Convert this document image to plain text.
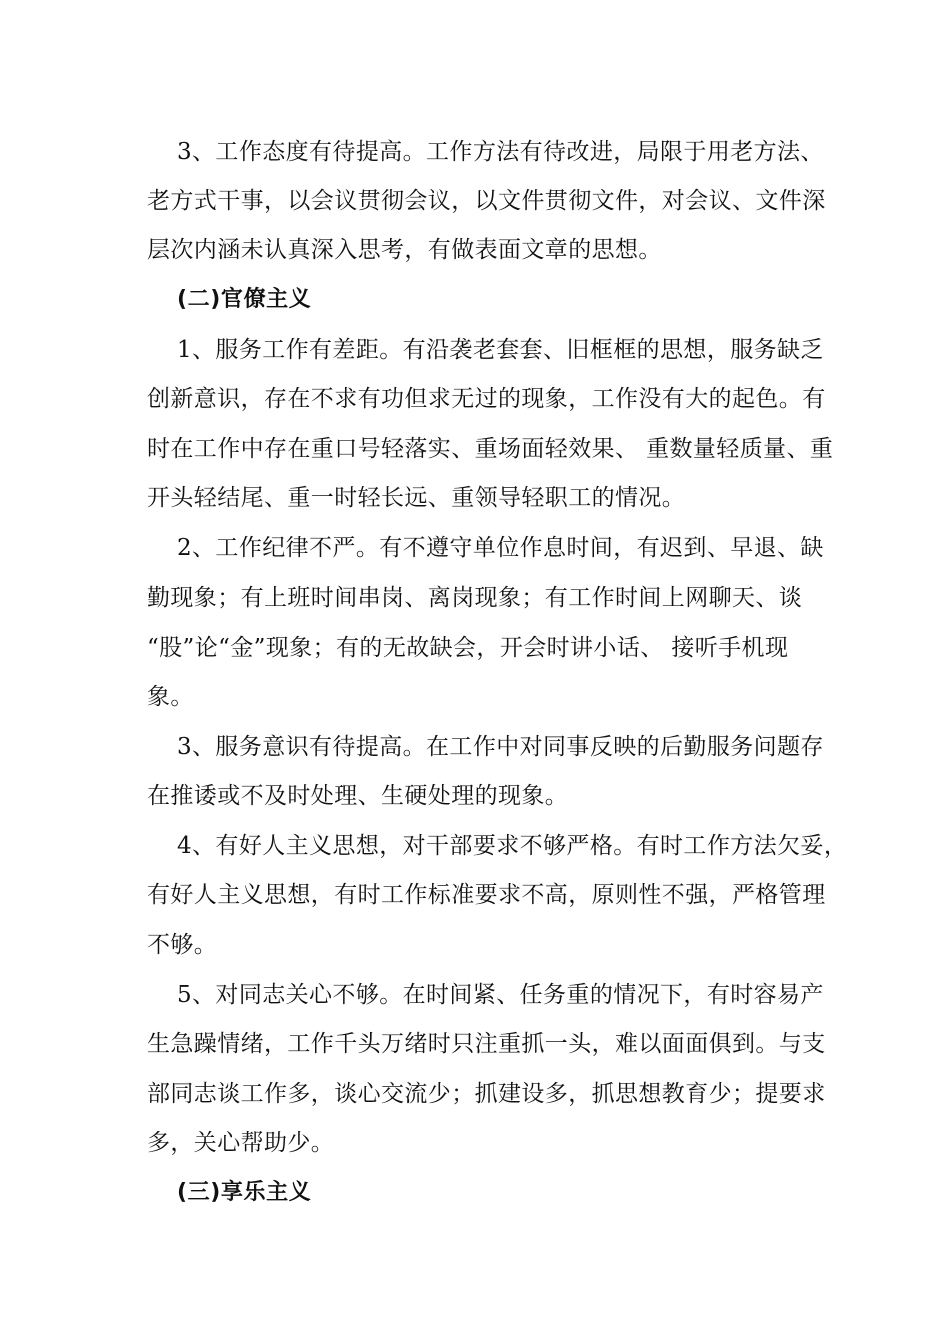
3、工作态度有待提高。工作方法有待改进，局限于用老方法、
老方式干事，以会议贯彻会议，以文件贯彻文件，对会议、文件深
层次内涵未认真深入思考，有做表面文章的思想。
(二)官僚主义
1、服务工作有差距。有沿袭老套套、旧框框的思想，服务缺乏
创新意识，存在不求有功但求无过的现象，工作没有大的起色。有
时在工作中存在重口号轻落实、重场面轻效果、 重数量轻质量、重
开头轻结尾、重一时轻长远、重领导轻职工的情况。
2、工作纪律不严。有不遵守单位作息时间，有迟到、早退、缺
勤现象；有上班时间串岗、离岗现象；有工作时间上网聊天、谈
“股”论“金”现象；有的无故缺会，开会时讲小话、 接听手机现
象。
3、服务意识有待提高。在工作中对同事反映的后勤服务问题存
在推诿或不及时处理、生硬处理的现象。
4、有好人主义思想，对干部要求不够严格。有时工作方法欠妥，
有好人主义思想，有时工作标准要求不高，原则性不强，严格管理
不够。
5、对同志关心不够。在时间紧、任务重的情况下，有时容易产
生急躁情绪，工作千头万绪时只注重抓一头，难以面面俱到。与支
部同志谈工作多，谈心交流少；抓建设多，抓思想教育少；提要求
多，关心帮助少。
(三)享乐主义
